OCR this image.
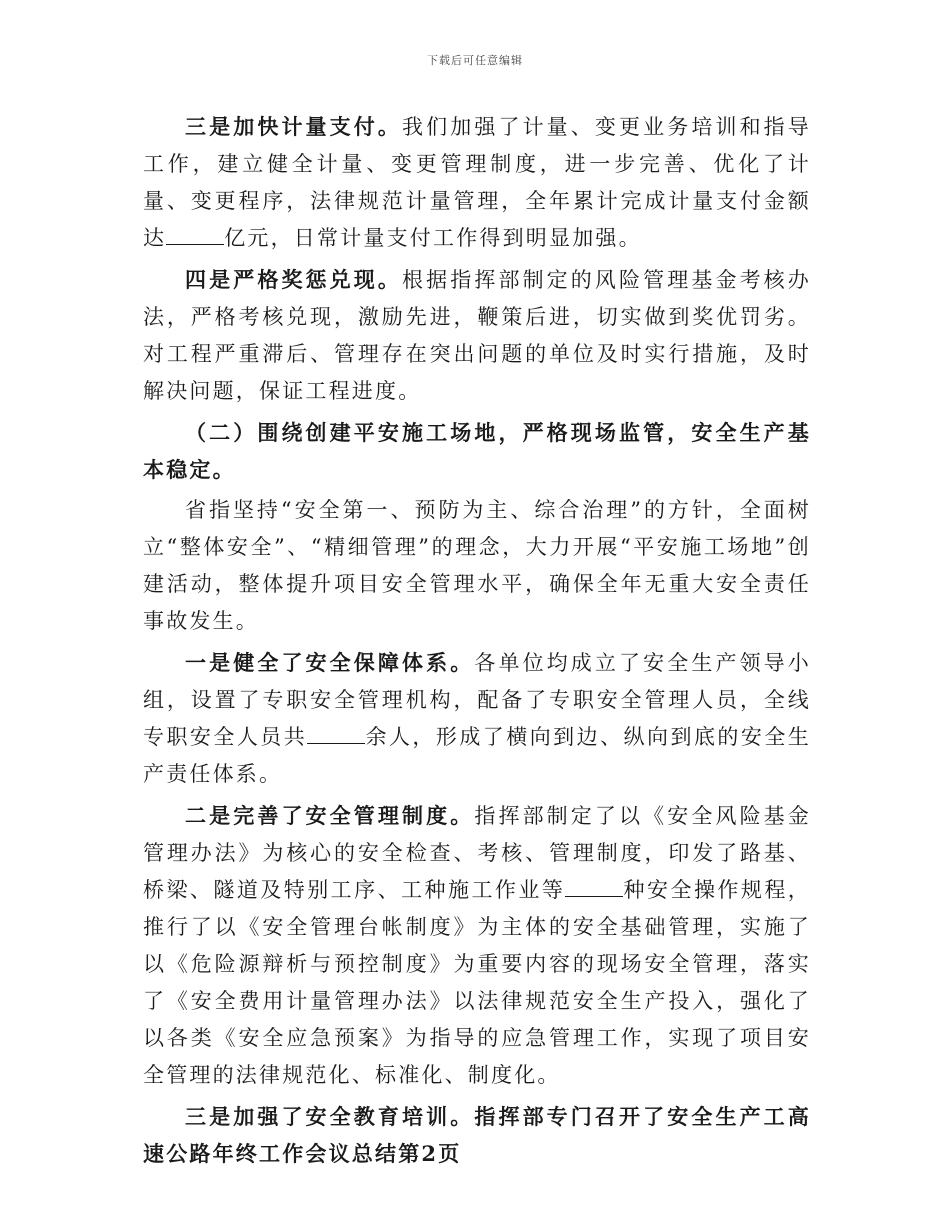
下载后可任意编辑

三是加快计量支付。我们加强了计量、变更业务培训和指导工作，建立健全计量、变更管理制度，进一步完善、优化了计量、变更程序，法律规范计量管理，全年累计完成计量支付金额达	亿元，日常计量支付工作得到明显加强。

四是严格奖惩兑现。根据指挥部制定的风险管理基金考核办法，严格考核兑现，激励先进，鞭策后进，切实做到奖优罚劣。对工程严重滞后、管理存在突出问题的单位及时实行措施，及时解决问题，保证工程进度。

（二）围绕创建平安施工场地，严格现场监管，安全生产基本稳定。

省指坚持“安全第一、预防为主、综合治理”的方针，全面树立“整体安全”、“精细管理”的理念，大力开展“平安施工场地”创建活动，整体提升项目安全管理水平，确保全年无重大安全责任事故发生。

一是健全了安全保障体系。各单位均成立了安全生产领导小组，设置了专职安全管理机构，配备了专职安全管理人员，全线专职安全人员共	余人，形成了横向到边、纵向到底的安全生产责任体系。

二是完善了安全管理制度。指挥部制定了以《安全风险基金管理办法》为核心的安全检查、考核、管理制度，印发了路基、桥梁、隧道及特别工序、工种施工作业等	种安全操作规程，推行了以《安全管理台帐制度》为主体的安全基础管理，实施了以《危险源辩析与预控制度》为重要内容的现场安全管理，落实了《安全费用计量管理办法》以法律规范安全生产投入，强化了以各类《安全应急预案》为指导的应急管理工作，实现了项目安全管理的法律规范化、标准化、制度化。

三是加强了安全教育培训。指挥部专门召开了安全生产工高速公路年终工作会议总结第2页
